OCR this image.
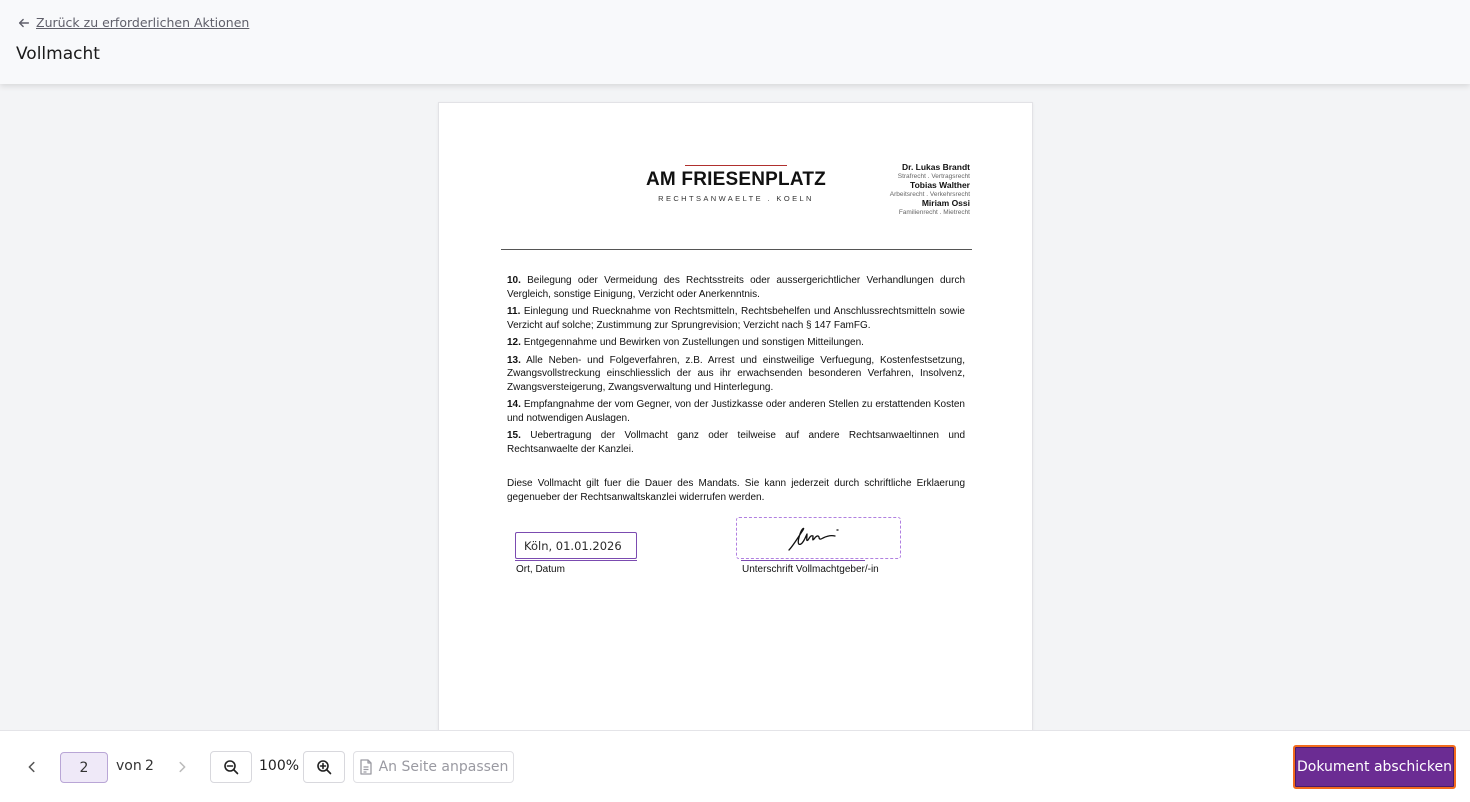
Zurück zu erforderlichen Aktionen
Vollmacht
AM FRIESENPLATZ
RECHTSANWAELTE . KOELN
Dr. Lukas Brandt
Strafrecht . Vertragsrecht
Tobias Walther
Arbeitsrecht . Verkehrsrecht
Miriam Ossi
Familienrecht . Mietrecht

10. Beilegung oder Vermeidung des Rechtsstreits oder aussergerichtlicher Verhandlungen durch Vergleich, sonstige Einigung, Verzicht oder Anerkenntnis.

11. Einlegung und Ruecknahme von Rechtsmitteln, Rechtsbehelfen und Anschlussrechtsmitteln sowie Verzicht auf solche; Zustimmung zur Sprungrevision; Verzicht nach § 147 FamFG.

12. Entgegennahme und Bewirken von Zustellungen und sonstigen Mitteilungen.

13. Alle Neben- und Folgeverfahren, z.B. Arrest und einstweilige Verfuegung, Kostenfestsetzung, Zwangsvollstreckung einschliesslich der aus ihr erwachsenden besonderen Verfahren, Insolvenz, Zwangsversteigerung, Zwangsverwaltung und Hinterlegung.

14. Empfangnahme der vom Gegner, von der Justizkasse oder anderen Stellen zu erstattenden Kosten und notwendigen Auslagen.

15. Uebertragung der Vollmacht ganz oder teilweise auf andere Rechtsanwaeltinnen und Rechtsanwaelte der Kanzlei.

Diese Vollmacht gilt fuer die Dauer des Mandats. Sie kann jederzeit durch schriftliche Erklaerung gegenueber der Rechtsanwaltskanzlei widerrufen werden.

Köln, 01.01.2026
Ort, Datum	Unterschrift Vollmachtgeber/-in
2
von 2	100%	An Seite anpassen	Dokument abschicken
